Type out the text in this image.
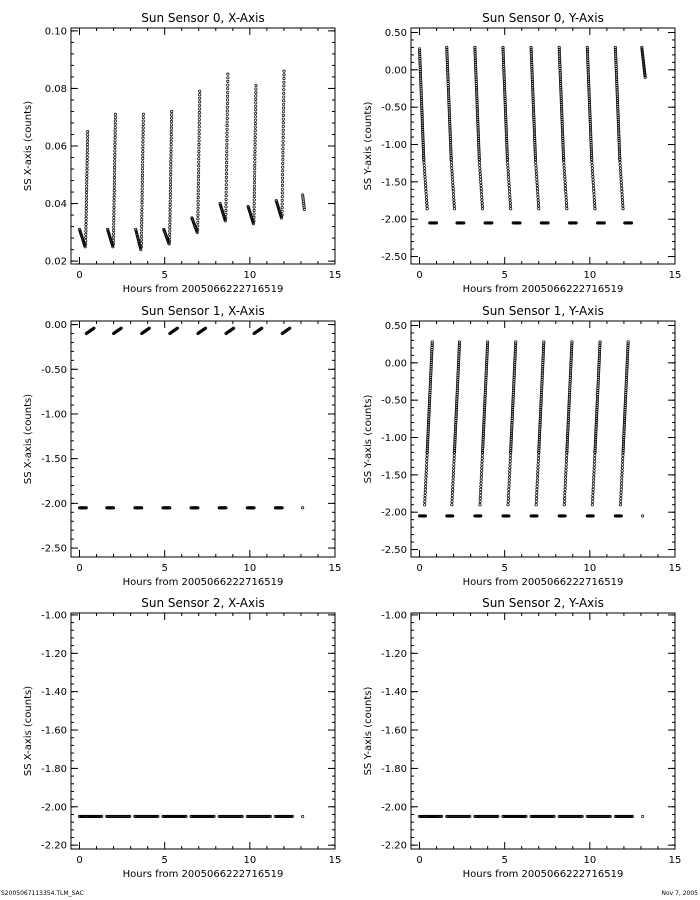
Sun Sensor 0, X-Axis
Hours from 2005066222716519
SS X-axis (counts)
0	5	10	15
0.02
0.04
0.06
0.08
0.10
Sun Sensor 0, Y-Axis
Hours from 2005066222716519
SS Y-axis (counts)
0	5	10	15
0.50
0.00
-0.50
-1.00
-1.50
-2.00
-2.50
Sun Sensor 1, X-Axis
Hours from 2005066222716519
SS X-axis (counts)
0	5	10	15
0.00
-0.50
-1.00
-1.50
-2.00
-2.50
Sun Sensor 1, Y-Axis
Hours from 2005066222716519
SS Y-axis (counts)
0	5	10	15
0.50
0.00
-0.50
-1.00
-1.50
-2.00
-2.50
Sun Sensor 2, X-Axis
Hours from 2005066222716519
SS X-axis (counts)
0	5	10	15
-1.00
-1.20
-1.40
-1.60
-1.80
-2.00
-2.20
Sun Sensor 2, Y-Axis
Hours from 2005066222716519
SS Y-axis (counts)
0	5	10	15
-1.00
-1.20
-1.40
-1.60
-1.80
-2.00
-2.20
S2005067113354.TLM_SAC	Nov 7, 2005
